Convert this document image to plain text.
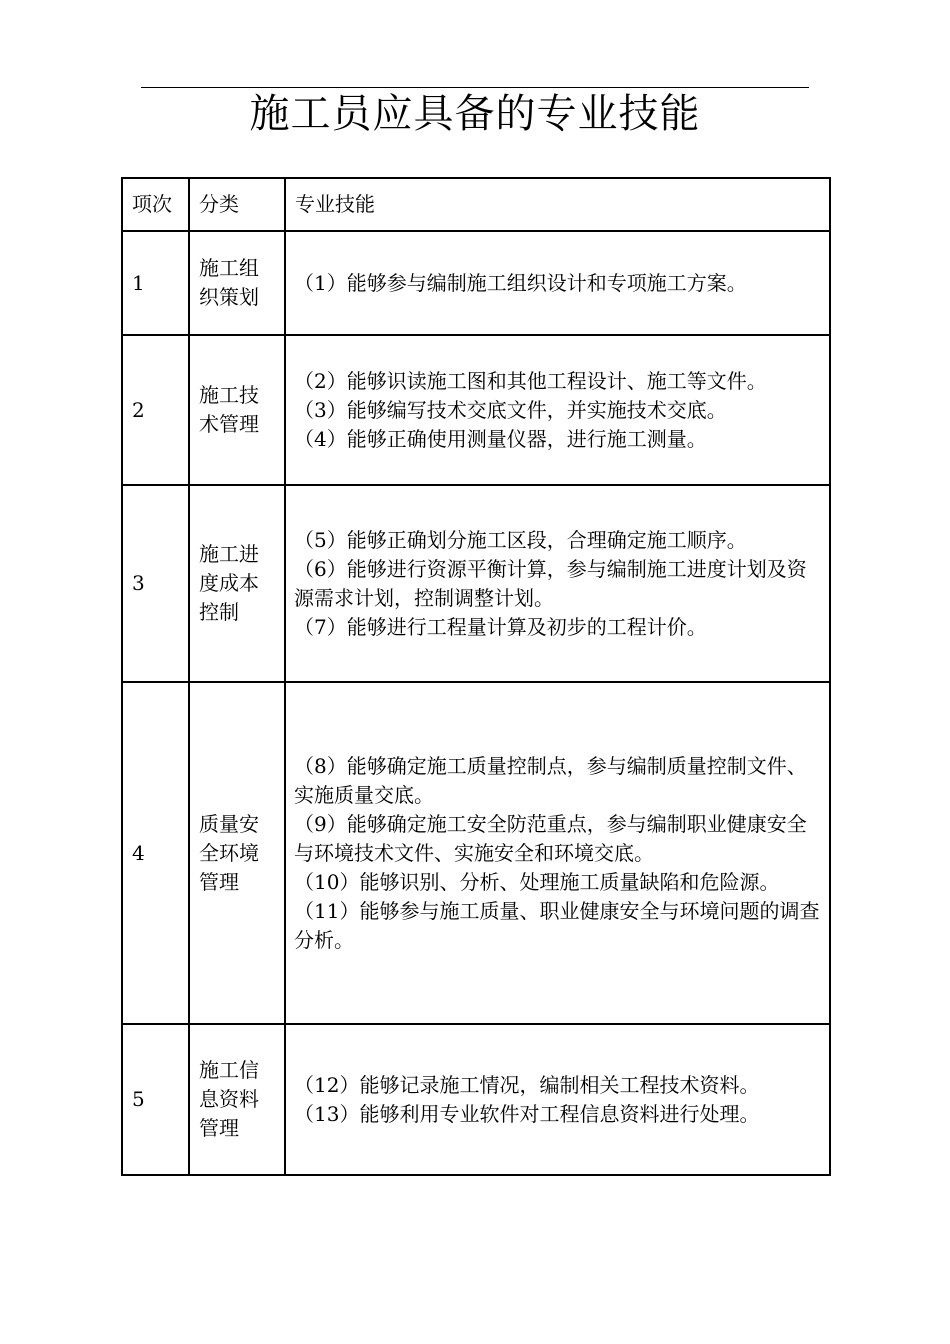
施工员应具备的专业技能
项次	分类	专业技能
1	施工组织策划	（1）能够参与编制施工组织设计和专项施工方案。

2	施工技术管理	（2）能够识读施工图和其他工程设计、施工等文件。
（3）能够编写技术交底文件，并实施技术交底。
（4）能够正确使用测量仪器，进行施工测量。

3	施工进度成本控制	（5）能够正确划分施工区段，合理确定施工顺序。
（6）能够进行资源平衡计算，参与编制施工进度计划及资源需求计划，控制调整计划。
（7）能够进行工程量计算及初步的工程计价。

4	质量安全环境管理	（8）能够确定施工质量控制点，参与编制质量控制文件、实施质量交底。
（9）能够确定施工安全防范重点，参与编制职业健康安全与环境技术文件、实施安全和环境交底。
（10）能够识别、分析、处理施工质量缺陷和危险源。
（11）能够参与施工质量、职业健康安全与环境问题的调查分析。

5	施工信息资料管理	（12）能够记录施工情况，编制相关工程技术资料。
（13）能够利用专业软件对工程信息资料进行处理。
